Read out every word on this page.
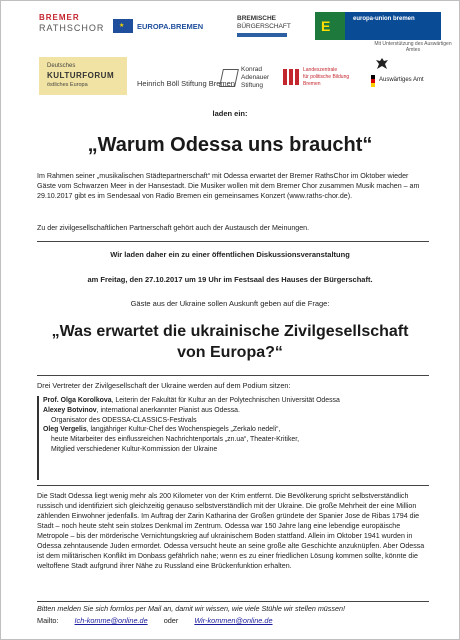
BREMER
RATHSCHOR ★ EUROPA.BREMEN
BREMISCHE
BÜRGERSCHAFT	E	europa-union bremen
Mit Unterstützung des Auswärtigen Amtes
Deutsches
KULTURFORUM
östliches Europa	Heinrich Böll Stiftung Bremen
Konrad
Adenauer
Stiftung
Landeszentrale
für politische Bildung
Bremen
Auswärtiges Amt
laden ein:
„Warum Odessa uns braucht“
Im Rahmen seiner „musikalischen Städtepartnerschaft“ mit Odessa erwartet der Bremer RathsChor im Oktober wieder Gäste vom Schwarzen Meer in der Hansestadt. Die Musiker wollen mit dem Bremer Chor zusammen Musik machen – am 29.10.2017 gibt es im Sendesaal von Radio Bremen ein gemeinsames Konzert (www.raths-chor.de).
Zu der zivilgesellschaftlichen Partnerschaft gehört auch der Austausch der Meinungen.
Wir laden daher ein zu einer öffentlichen Diskussionsveranstaltung
am Freitag, den 27.10.2017 um 19 Uhr im Festsaal des Hauses der Bürgerschaft.
Gäste aus der Ukraine sollen Auskunft geben auf die Frage:
„Was erwartet die ukrainische Zivilgesellschaft
von Europa?“
Drei Vertreter der Zivilgesellschaft der Ukraine werden auf dem Podium sitzen:
Prof. Olga Korolkova, Leiterin der Fakultät für Kultur an der Polytechnischen Universität Odessa
Alexey Botvinov, international anerkannter Pianist aus Odessa.
Organisator des ODESSA-CLASSICS-Festivals
Oleg Vergelis, langjähriger Kultur-Chef des Wochenspiegels „Zerkalo nedeli“,
heute Mitarbeiter des einflussreichen Nachrichtenportals „zn.ua“, Theater-Kritiker,
Mitglied verschiedener Kultur-Kommission der Ukraine
Die Stadt Odessa liegt wenig mehr als 200 Kilometer von der Krim entfernt. Die Bevölkerung spricht selbstverständlich russisch und identifiziert sich gleichzeitig genauso selbstverständlich mit der Ukraine. Die große Mehrheit der eine Million zählenden Einwohner jedenfalls. Im Auftrag der Zarin Katharina der Großen gründete der Spanier Jose de Ribas 1794 die Stadt – noch heute steht sein stolzes Denkmal im Zentrum. Odessa war 150 Jahre lang eine lebendige europäische Metropole – bis der mörderische Vernichtungskrieg auf ukrainischem Boden stattfand. Allein im Oktober 1941 wurden in Odessa zehntausende Juden ermordet. Odessa versucht heute an seine große alte Geschichte anzuknüpfen. Aber Odessa ist dem militärischen Konflikt im Donbass gefährlich nahe; wenn es zu einer friedlichen Lösung kommen sollte, könnte die weltoffene Stadt aufgrund ihrer Nähe zu Russland eine Brückenfunktion erhalten.
Bitten melden Sie sich formlos per Mail an, damit wir wissen, wie viele Stühle wir stellen müssen!
Mailto: Ich-komme@online.de oder Wir-kommen@online.de
